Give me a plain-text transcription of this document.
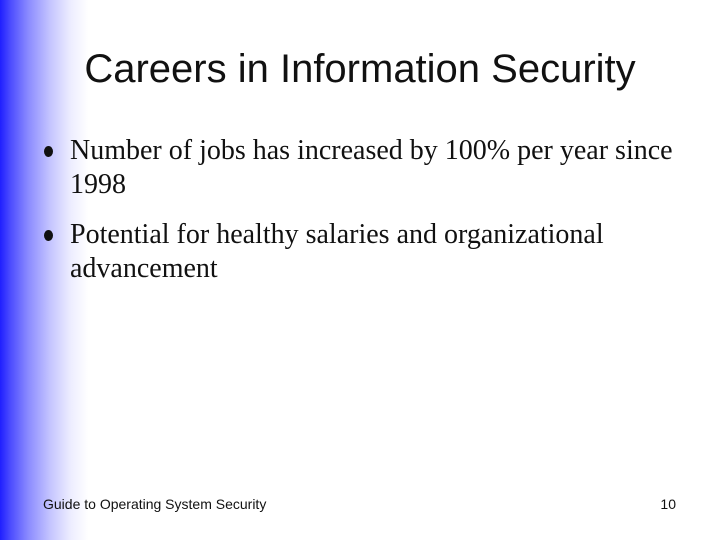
Careers in Information Security
Number of jobs has increased by 100% per year since 1998
Potential for healthy salaries and organizational advancement
Guide to Operating System Security	10
